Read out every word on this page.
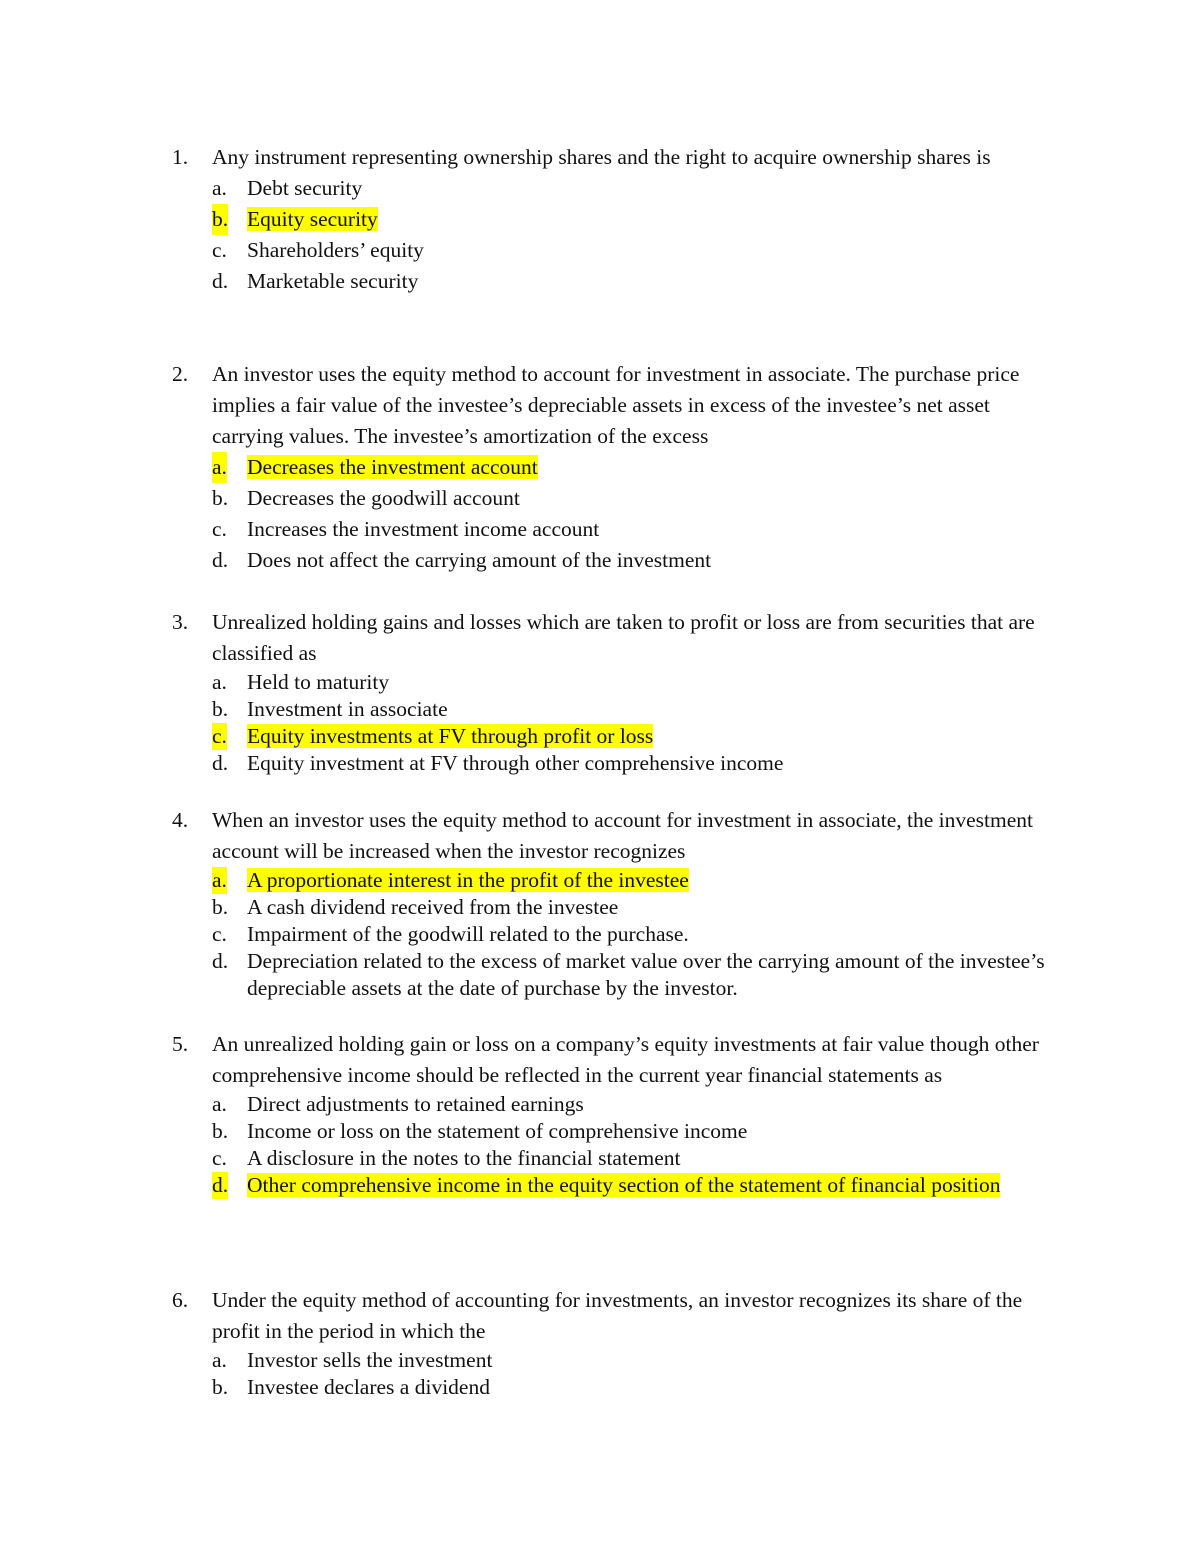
1. Any instrument representing ownership shares and the right to acquire ownership shares is
a. Debt security
b. Equity security
c. Shareholders’ equity
d. Marketable security
2. An investor uses the equity method to account for investment in associate. The purchase price implies a fair value of the investee’s depreciable assets in excess of the investee’s net asset carrying values. The investee’s amortization of the excess
a. Decreases the investment account
b. Decreases the goodwill account
c. Increases the investment income account
d. Does not affect the carrying amount of the investment
3. Unrealized holding gains and losses which are taken to profit or loss are from securities that are classified as
a. Held to maturity
b. Investment in associate
c. Equity investments at FV through profit or loss
d. Equity investment at FV through other comprehensive income
4. When an investor uses the equity method to account for investment in associate, the investment account will be increased when the investor recognizes
a. A proportionate interest in the profit of the investee
b. A cash dividend received from the investee
c. Impairment of the goodwill related to the purchase.
d. Depreciation related to the excess of market value over the carrying amount of the investee’s depreciable assets at the date of purchase by the investor.
5. An unrealized holding gain or loss on a company’s equity investments at fair value though other comprehensive income should be reflected in the current year financial statements as
a. Direct adjustments to retained earnings
b. Income or loss on the statement of comprehensive income
c. A disclosure in the notes to the financial statement
d. Other comprehensive income in the equity section of the statement of financial position
6. Under the equity method of accounting for investments, an investor recognizes its share of the profit in the period in which the
a. Investor sells the investment
b. Investee declares a dividend
